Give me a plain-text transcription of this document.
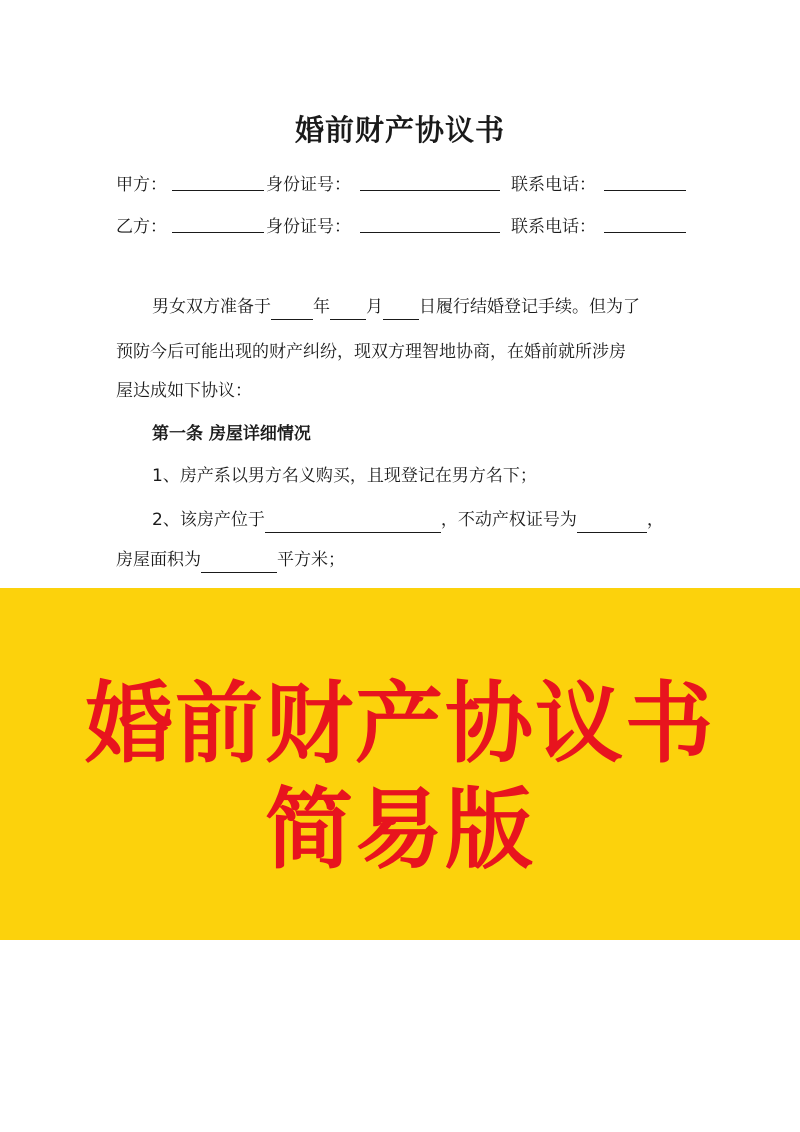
婚前财产协议书
甲方：	身份证号：	联系电话：
乙方：	身份证号：	联系电话：
男女双方准备于 年 月 日履行结婚登记手续。但为了
预防今后可能出现的财产纠纷，现双方理智地协商，在婚前就所涉房
屋达成如下协议：
第一条 房屋详细情况
1、房产系以男方名义购买，且现登记在男方名下；
2、该房产位于	，不动产权证号为	，
房屋面积为	平方米；
婚前财产协议书
简易版
